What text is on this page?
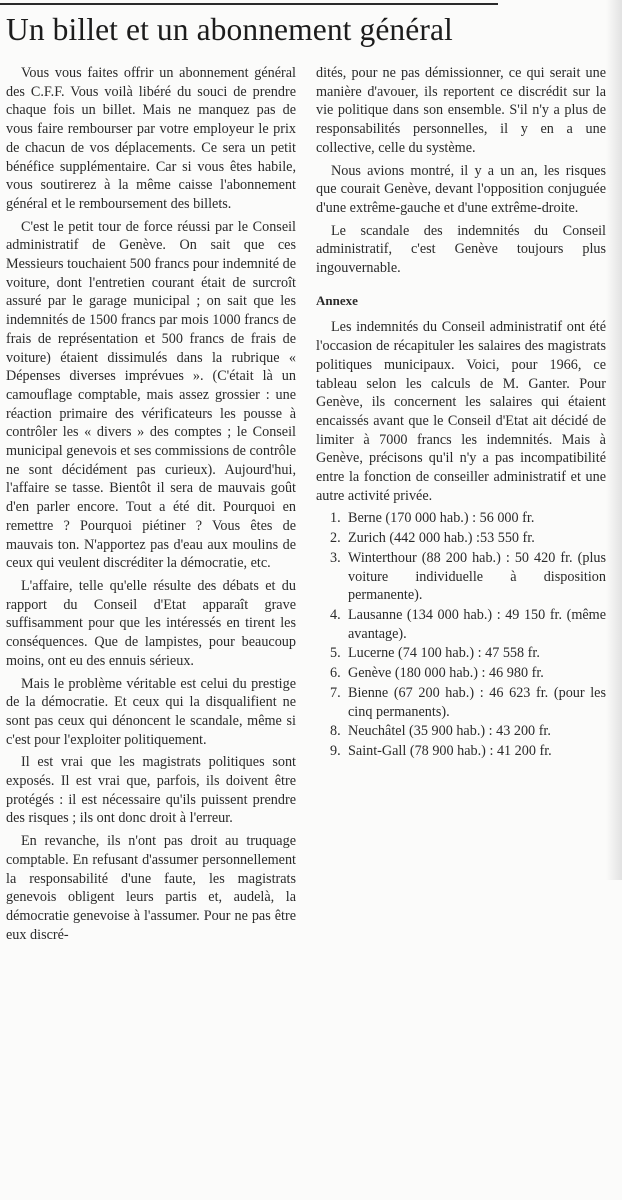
Un billet et un abonnement général

Vous vous faites offrir un abonnement général des C.F.F. Vous voilà libéré du souci de prendre chaque fois un billet. Mais ne manquez pas de vous faire rembourser par votre employeur le prix de chacun de vos déplacements. Ce sera un petit bénéfice supplémentaire. Car si vous êtes habile, vous soutirerez à la même caisse l'abonnement général et le remboursement des billets.

C'est le petit tour de force réussi par le Conseil administratif de Genève. On sait que ces Messieurs touchaient 500 francs pour indemnité de voiture, dont l'entretien courant était de surcroît assuré par le garage municipal ; on sait que les indemnités de 1500 francs par mois 1000 francs de frais de représentation et 500 francs de frais de voiture) étaient dissimulés dans la rubrique « Dépenses diverses imprévues ». (C'était là un camouflage comptable, mais assez grossier : une réaction primaire des vérificateurs les pousse à contrôler les « divers » des comptes ; le Conseil municipal genevois et ses commissions de contrôle ne sont décidément pas curieux). Aujourd'hui, l'affaire se tasse. Bientôt il sera de mauvais goût d'en parler encore. Tout a été dit. Pourquoi en remettre ? Pourquoi piétiner ? Vous êtes de mauvais ton. N'apportez pas d'eau aux moulins de ceux qui veulent discréditer la démocratie, etc.

L'affaire, telle qu'elle résulte des débats et du rapport du Conseil d'Etat apparaît grave suffisamment pour que les intéressés en tirent les conséquences. Que de lampistes, pour beaucoup moins, ont eu des ennuis sérieux.

Mais le problème véritable est celui du prestige de la démocratie. Et ceux qui la disqualifient ne sont pas ceux qui dénoncent le scandale, même si c'est pour l'exploiter politiquement.

Il est vrai que les magistrats politiques sont exposés. Il est vrai que, parfois, ils doivent être protégés : il est nécessaire qu'ils puissent prendre des risques ; ils ont donc droit à l'erreur.

En revanche, ils n'ont pas droit au truquage comptable. En refusant d'assumer personnellement la responsabilité d'une faute, les magistrats genevois obligent leurs partis et, audelà, la démocratie genevoise à l'assumer. Pour ne pas être eux discré-

dités, pour ne pas démissionner, ce qui serait une manière d'avouer, ils reportent ce discrédit sur la vie politique dans son ensemble. S'il n'y a plus de responsabilités personnelles, il y en a une collective, celle du système.

Nous avions montré, il y a un an, les risques que courait Genève, devant l'opposition conjuguée d'une extrême-gauche et d'une extrême-droite.

Le scandale des indemnités du Conseil administratif, c'est Genève toujours plus ingouvernable.

Annexe

Les indemnités du Conseil administratif ont été l'occasion de récapituler les salaires des magistrats politiques municipaux. Voici, pour 1966, ce tableau selon les calculs de M. Ganter. Pour Genève, ils concernent les salaires qui étaient encaissés avant que le Conseil d'Etat ait décidé de limiter à 7000 francs les indemnités. Mais à Genève, précisons qu'il n'y a pas incompatibilité entre la fonction de conseiller administratif et une autre activité privée.

1. Berne (170 000 hab.) : 56 000 fr.
2. Zurich (442 000 hab.) :53 550 fr.
3. Winterthour (88 200 hab.) : 50 420 fr. (plus voiture individuelle à disposition permanente).
4. Lausanne (134 000 hab.) : 49 150 fr. (même avantage).
5. Lucerne (74 100 hab.) : 47 558 fr.
6. Genève (180 000 hab.) : 46 980 fr.
7. Bienne (67 200 hab.) : 46 623 fr. (pour les cinq permanents).
8. Neuchâtel (35 900 hab.) : 43 200 fr.
9. Saint-Gall (78 900 hab.) : 41 200 fr.
